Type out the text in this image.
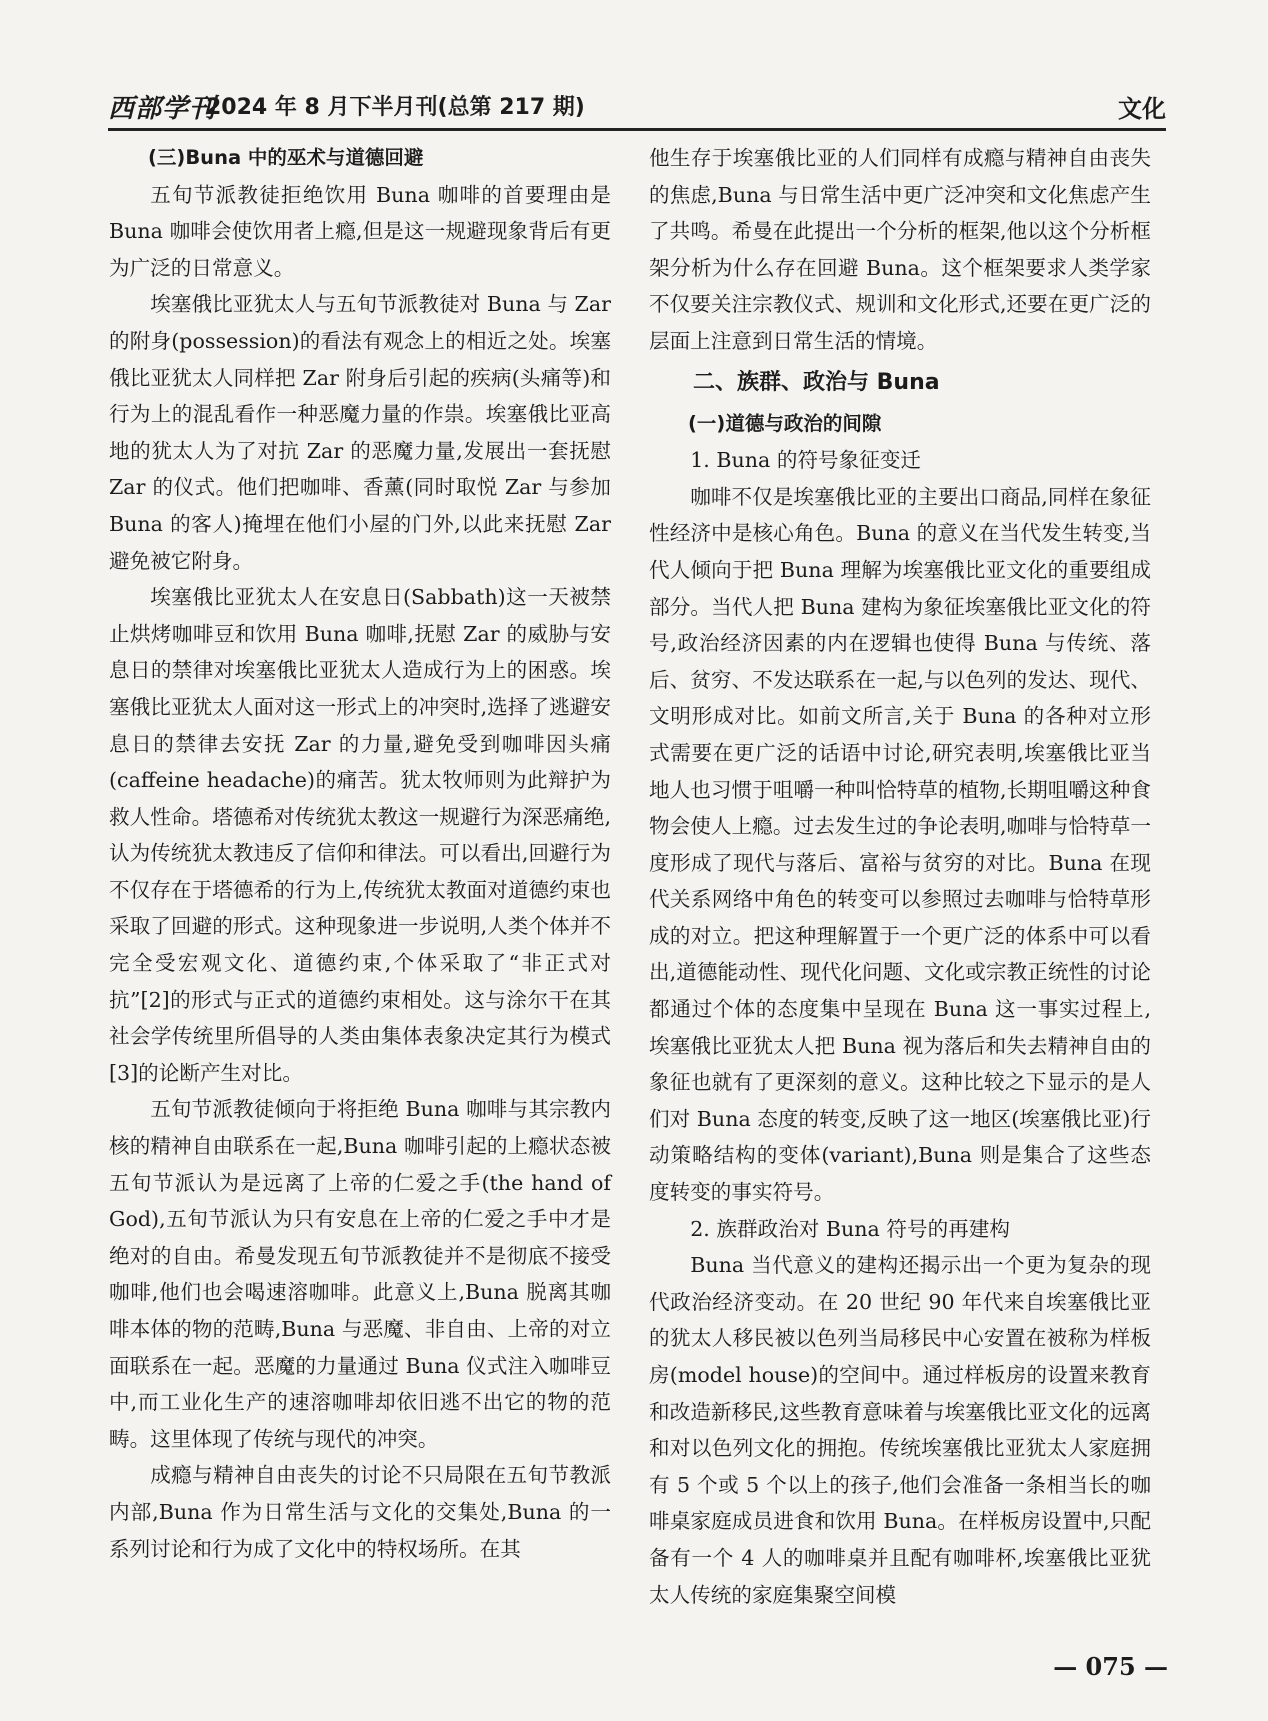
西部学刊
2024 年 8 月下半月刊(总第 217 期)	文化
(三)Buna 中的巫术与道德回避

五旬节派教徒拒绝饮用 Buna 咖啡的首要理由是 Buna 咖啡会使饮用者上瘾,但是这一规避现象背后有更为广泛的日常意义。

埃塞俄比亚犹太人与五旬节派教徒对 Buna 与 Zar 的附身(possession)的看法有观念上的相近之处。埃塞俄比亚犹太人同样把 Zar 附身后引起的疾病(头痛等)和行为上的混乱看作一种恶魔力量的作祟。埃塞俄比亚高地的犹太人为了对抗 Zar 的恶魔力量,发展出一套抚慰 Zar 的仪式。他们把咖啡、香薰(同时取悦 Zar 与参加 Buna 的客人)掩埋在他们小屋的门外,以此来抚慰 Zar 避免被它附身。

埃塞俄比亚犹太人在安息日(Sabbath)这一天被禁止烘烤咖啡豆和饮用 Buna 咖啡,抚慰 Zar 的威胁与安息日的禁律对埃塞俄比亚犹太人造成行为上的困惑。埃塞俄比亚犹太人面对这一形式上的冲突时,选择了逃避安息日的禁律去安抚 Zar 的力量,避免受到咖啡因头痛(caffeine headache)的痛苦。犹太牧师则为此辩护为救人性命。塔德希对传统犹太教这一规避行为深恶痛绝,认为传统犹太教违反了信仰和律法。可以看出,回避行为不仅存在于塔德希的行为上,传统犹太教面对道德约束也采取了回避的形式。这种现象进一步说明,人类个体并不完全受宏观文化、道德约束,个体采取了“非正式对抗”[2]的形式与正式的道德约束相处。这与涂尔干在其社会学传统里所倡导的人类由集体表象决定其行为模式[3]的论断产生对比。

五旬节派教徒倾向于将拒绝 Buna 咖啡与其宗教内核的精神自由联系在一起,Buna 咖啡引起的上瘾状态被五旬节派认为是远离了上帝的仁爱之手(the hand of God),五旬节派认为只有安息在上帝的仁爱之手中才是绝对的自由。希曼发现五旬节派教徒并不是彻底不接受咖啡,他们也会喝速溶咖啡。此意义上,Buna 脱离其咖啡本体的物的范畴,Buna 与恶魔、非自由、上帝的对立面联系在一起。恶魔的力量通过 Buna 仪式注入咖啡豆中,而工业化生产的速溶咖啡却依旧逃不出它的物的范畴。这里体现了传统与现代的冲突。

成瘾与精神自由丧失的讨论不只局限在五旬节教派内部,Buna 作为日常生活与文化的交集处,Buna 的一系列讨论和行为成了文化中的特权场所。在其

他生存于埃塞俄比亚的人们同样有成瘾与精神自由丧失的焦虑,Buna 与日常生活中更广泛冲突和文化焦虑产生了共鸣。希曼在此提出一个分析的框架,他以这个分析框架分析为什么存在回避 Buna。这个框架要求人类学家不仅要关注宗教仪式、规训和文化形式,还要在更广泛的层面上注意到日常生活的情境。

二、族群、政治与 Buna
(一)道德与政治的间隙
1. Buna 的符号象征变迁

咖啡不仅是埃塞俄比亚的主要出口商品,同样在象征性经济中是核心角色。Buna 的意义在当代发生转变,当代人倾向于把 Buna 理解为埃塞俄比亚文化的重要组成部分。当代人把 Buna 建构为象征埃塞俄比亚文化的符号,政治经济因素的内在逻辑也使得 Buna 与传统、落后、贫穷、不发达联系在一起,与以色列的发达、现代、文明形成对比。如前文所言,关于 Buna 的各种对立形式需要在更广泛的话语中讨论,研究表明,埃塞俄比亚当地人也习惯于咀嚼一种叫恰特草的植物,长期咀嚼这种食物会使人上瘾。过去发生过的争论表明,咖啡与恰特草一度形成了现代与落后、富裕与贫穷的对比。Buna 在现代关系网络中角色的转变可以参照过去咖啡与恰特草形成的对立。把这种理解置于一个更广泛的体系中可以看出,道德能动性、现代化问题、文化或宗教正统性的讨论都通过个体的态度集中呈现在 Buna 这一事实过程上,埃塞俄比亚犹太人把 Buna 视为落后和失去精神自由的象征也就有了更深刻的意义。这种比较之下显示的是人们对 Buna 态度的转变,反映了这一地区(埃塞俄比亚)行动策略结构的变体(variant),Buna 则是集合了这些态度转变的事实符号。

2. 族群政治对 Buna 符号的再建构

Buna 当代意义的建构还揭示出一个更为复杂的现代政治经济变动。在 20 世纪 90 年代来自埃塞俄比亚的犹太人移民被以色列当局移民中心安置在被称为样板房(model house)的空间中。通过样板房的设置来教育和改造新移民,这些教育意味着与埃塞俄比亚文化的远离和对以色列文化的拥抱。传统埃塞俄比亚犹太人家庭拥有 5 个或 5 个以上的孩子,他们会准备一条相当长的咖啡桌家庭成员进食和饮用 Buna。在样板房设置中,只配备有一个 4 人的咖啡桌并且配有咖啡杯,埃塞俄比亚犹太人传统的家庭集聚空间模

— 075 —
